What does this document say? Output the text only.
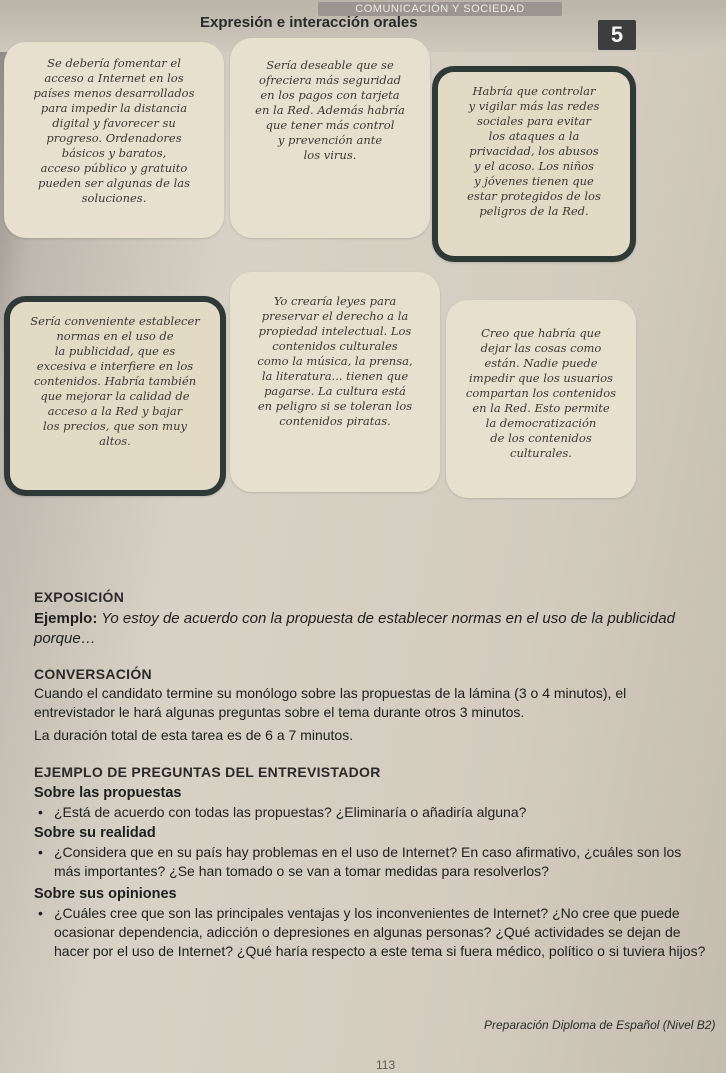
COMUNICACIÓN Y SOCIEDAD
Expresión e interacción orales	5
Se debería fomentar el
acceso a Internet en los
países menos desarrollados
para impedir la distancia
digital y favorecer su
progreso. Ordenadores
básicos y baratos,
acceso público y gratuito
pueden ser algunas de las
soluciones.
Sería deseable que se
ofreciera más seguridad
en los pagos con tarjeta
en la Red. Además habría
que tener más control
y prevención ante
los virus.
Habría que controlar
y vigilar más las redes
sociales para evitar
los ataques a la
privacidad, los abusos
y el acoso. Los niños
y jóvenes tienen que
estar protegidos de los
peligros de la Red.
Sería conveniente establecer
normas en el uso de
la publicidad, que es
excesiva e interfiere en los
contenidos. Habría también
que mejorar la calidad de
acceso a la Red y bajar
los precios, que son muy
altos.
Yo crearía leyes para
preservar el derecho a la
propiedad intelectual. Los
contenidos culturales
como la música, la prensa,
la literatura... tienen que
pagarse. La cultura está
en peligro si se toleran los
contenidos piratas.
Creo que habría que
dejar las cosas como
están. Nadie puede
impedir que los usuarios
compartan los contenidos
en la Red. Esto permite
la democratización
de los contenidos
culturales.

EXPOSICIÓN

Ejemplo: Yo estoy de acuerdo con la propuesta de establecer normas en el uso de la publicidad porque…

CONVERSACIÓN

Cuando el candidato termine su monólogo sobre las propuestas de la lámina (3 o 4 minutos), el entrevistador le hará algunas preguntas sobre el tema durante otros 3 minutos.

La duración total de esta tarea es de 6 a 7 minutos.

EJEMPLO DE PREGUNTAS DEL ENTREVISTADOR

Sobre las propuestas

• ¿Está de acuerdo con todas las propuestas? ¿Eliminaría o añadiría alguna?

Sobre su realidad

• ¿Considera que en su país hay problemas en el uso de Internet? En caso afirmativo, ¿cuáles son los más importantes? ¿Se han tomado o se van a tomar medidas para resolverlos?

Sobre sus opiniones

• ¿Cuáles cree que son las principales ventajas y los inconvenientes de Internet? ¿No cree que puede ocasionar dependencia, adicción o depresiones en algunas personas? ¿Qué actividades se dejan de hacer por el uso de Internet? ¿Qué haría respecto a este tema si fuera médico, político o si tuviera hijos?

Preparación Diploma de Español (Nivel B2)
113
